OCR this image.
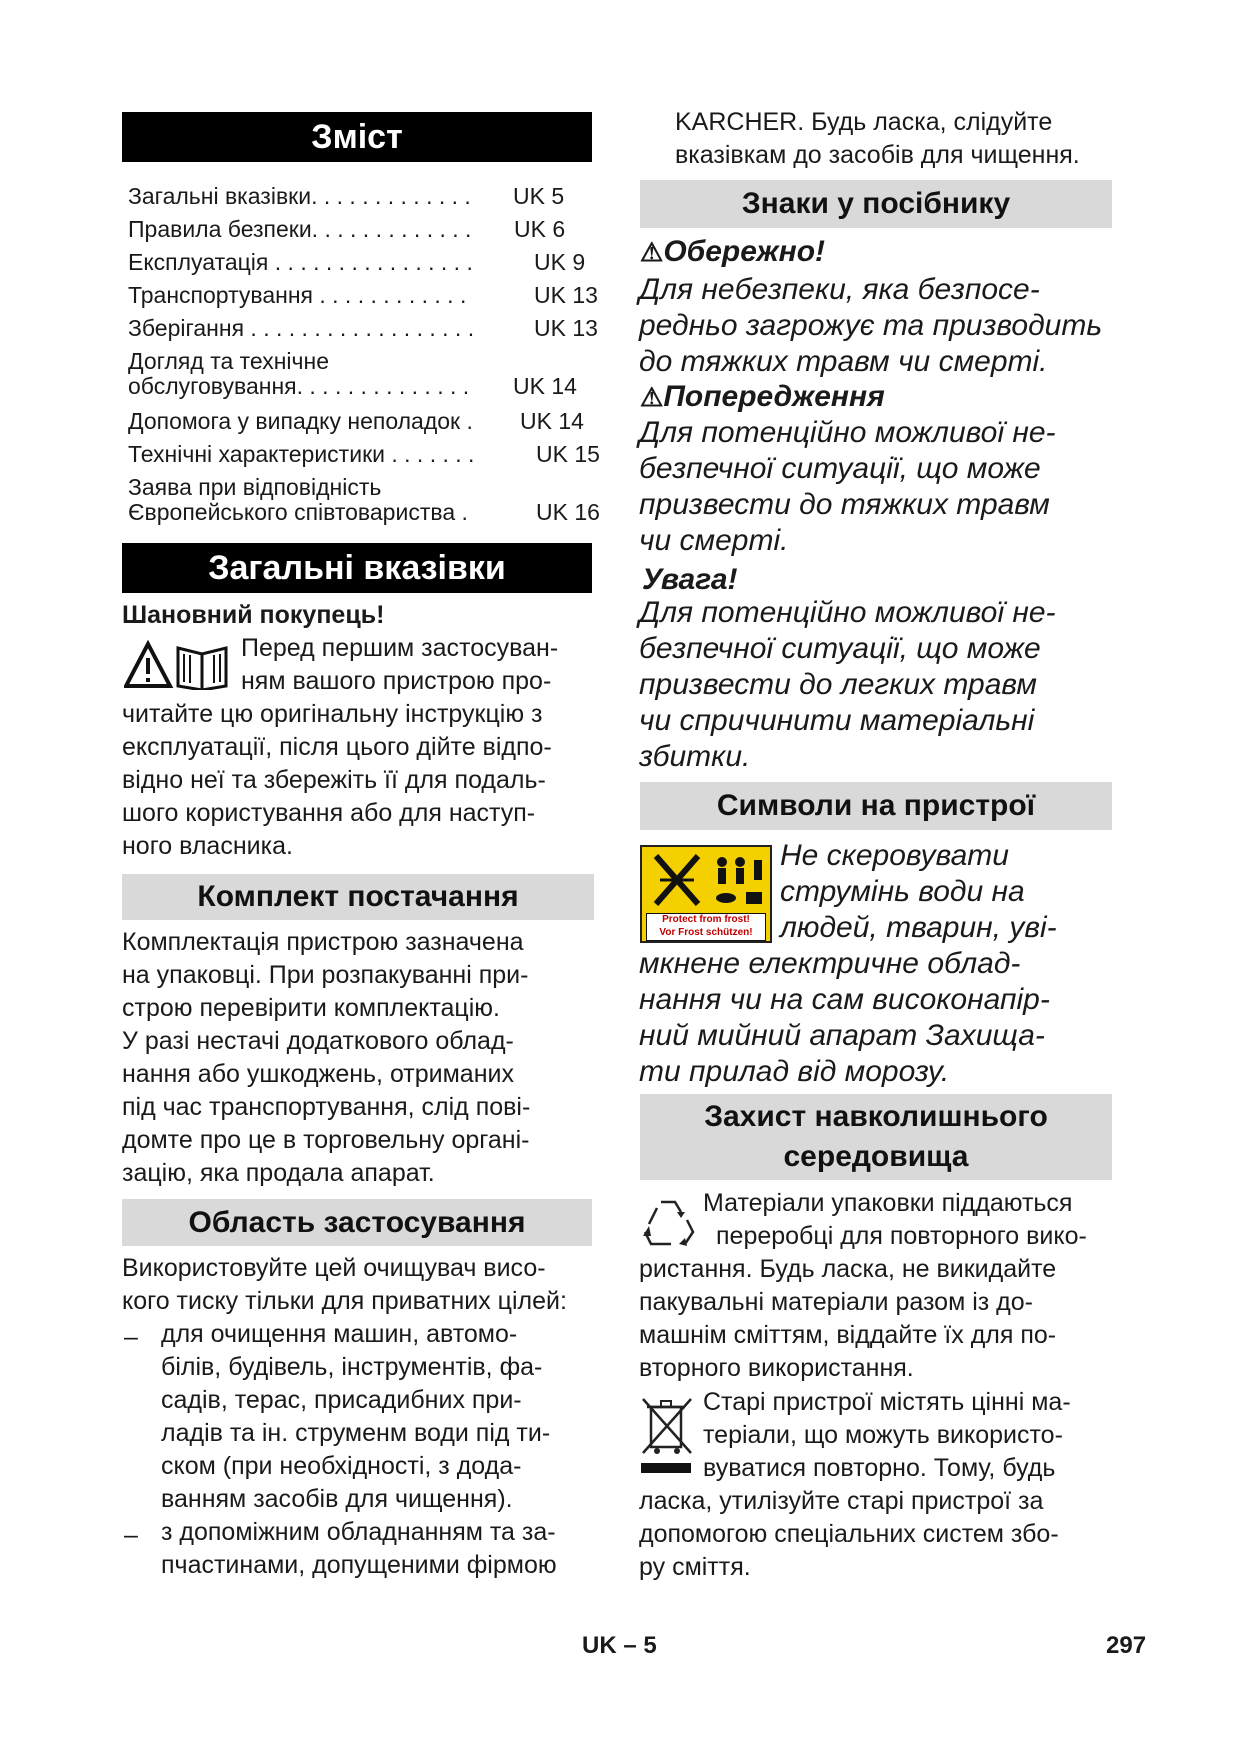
Зміст
Загальні вказівки. . . . . . . . . . . . . UK 5
Правила безпеки. . . . . . . . . . . . . UK 6
Експлуатація . . . . . . . . . . . . . . . .	UK 9
Транспортування . . . . . . . . . . . .	UK 13
Зберігання . . . . . . . . . . . . . . . . . .	UK 13
Догляд та технічне
обслуговування. . . . . . . . . . . . . . UK 14
Допомога у випадку неполадок . UK 14
Технічні характеристики . . . . . . .	UK 15
Заява при відповідність
Європейського співтовариства .	UK 16
Загальні вказівки
Шановний покупець!
Перед першим застосуван-
ням вашого пристрою про-
читайте цю оригінальну інструкцію з
експлуатації, після цього дійте відпо-
відно неї та збережіть її для подаль-
шого користування або для наступ-
ного власника.
Комплект постачання
Комплектація пристрою зазначена
на упаковці. При розпакуванні при-
строю перевірити комплектацію.
У разі нестачі додаткового облад-
нання або ушкоджень, отриманих
під час транспортування, слід пові-
домте про це в торговельну органі-
зацію, яка продала апарат.
Область застосування
Використовуйте цей очищувач висо-
кого тиску тільки для приватних цілей:
– для очищення машин, автомо-
білів, будівель, інструментів, фа-
садів, терас, присадибних при-
ладів та ін. струменм води під ти-
ском (при необхідності, з дода-
ванням засобів для чищення).
– з допоміжним обладнанням та за-
пчастинами, допущеними фірмою
KARCHER. Будь ласка, слідуйте
вказівкам до засобів для чищення.
Знаки у посібнику
⚠Обережно!
Для небезпеки, яка безпосе-
редньо загрожує та призводить
до тяжких травм чи смерті.
⚠Попередження
Для потенційно можливої не-
безпечної ситуації, що може
призвести до тяжких травм
чи смерті.
Увага!
Для потенційно можливої не-
безпечної ситуації, що може
призвести до легких травм
чи спричинити матеріальні
збитки.
Символи на пристрої
Protect from frost!
Vor Frost schützen!
Не скеровувати
струмінь води на
людей, тварин, уві-
мкнене електричне облад-
нання чи на сам високонапір-
ний мийний апарат Захища-
ти прилад від морозу.
Захист навколишнього
середовища
Матеріали упаковки піддаються
переробці для повторного вико-
ристання. Будь ласка, не викидайте
пакувальні матеріали разом із до-
машнім сміттям, віддайте їх для по-
вторного використання.
Старі пристрої містять цінні ма-
теріали, що можуть використо-
вуватися повторно. Тому, будь
ласка, утилізуйте старі пристрої за
допомогою спеціальних систем збо-
ру сміття.
UK – 5	297
